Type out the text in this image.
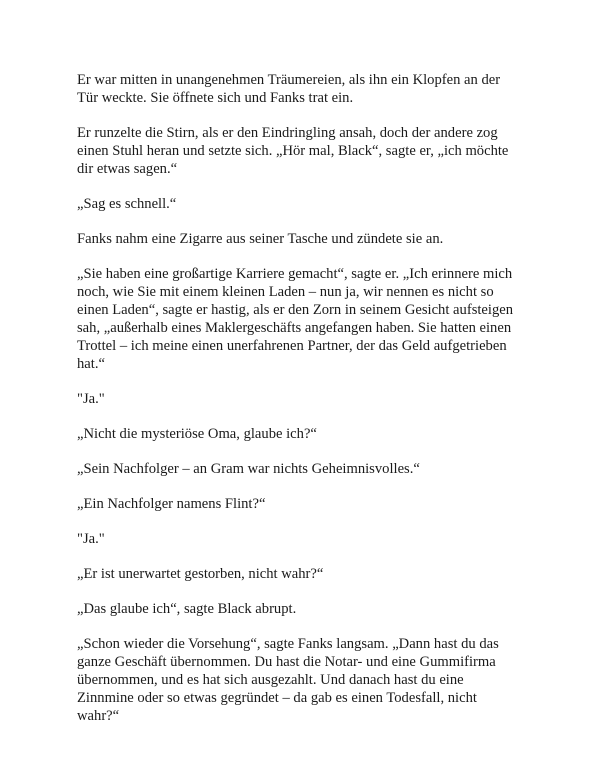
Er war mitten in unangenehmen Träumereien, als ihn ein Klopfen an der
Tür weckte. Sie öffnete sich und Fanks trat ein.

Er runzelte die Stirn, als er den Eindringling ansah, doch der andere zog
einen Stuhl heran und setzte sich. „Hör mal, Black“, sagte er, „ich möchte
dir etwas sagen.“

„Sag es schnell.“

Fanks nahm eine Zigarre aus seiner Tasche und zündete sie an.

„Sie haben eine großartige Karriere gemacht“, sagte er. „Ich erinnere mich
noch, wie Sie mit einem kleinen Laden – nun ja, wir nennen es nicht so
einen Laden“, sagte er hastig, als er den Zorn in seinem Gesicht aufsteigen
sah, „außerhalb eines Maklergeschäfts angefangen haben. Sie hatten einen
Trottel – ich meine einen unerfahrenen Partner, der das Geld aufgetrieben
hat.“

"Ja."

„Nicht die mysteriöse Oma, glaube ich?“

„Sein Nachfolger – an Gram war nichts Geheimnisvolles.“

„Ein Nachfolger namens Flint?“

"Ja."

„Er ist unerwartet gestorben, nicht wahr?“

„Das glaube ich“, sagte Black abrupt.

„Schon wieder die Vorsehung“, sagte Fanks langsam. „Dann hast du das
ganze Geschäft übernommen. Du hast die Notar- und eine Gummifirma
übernommen, und es hat sich ausgezahlt. Und danach hast du eine
Zinnmine oder so etwas gegründet – da gab es einen Todesfall, nicht
wahr?“
